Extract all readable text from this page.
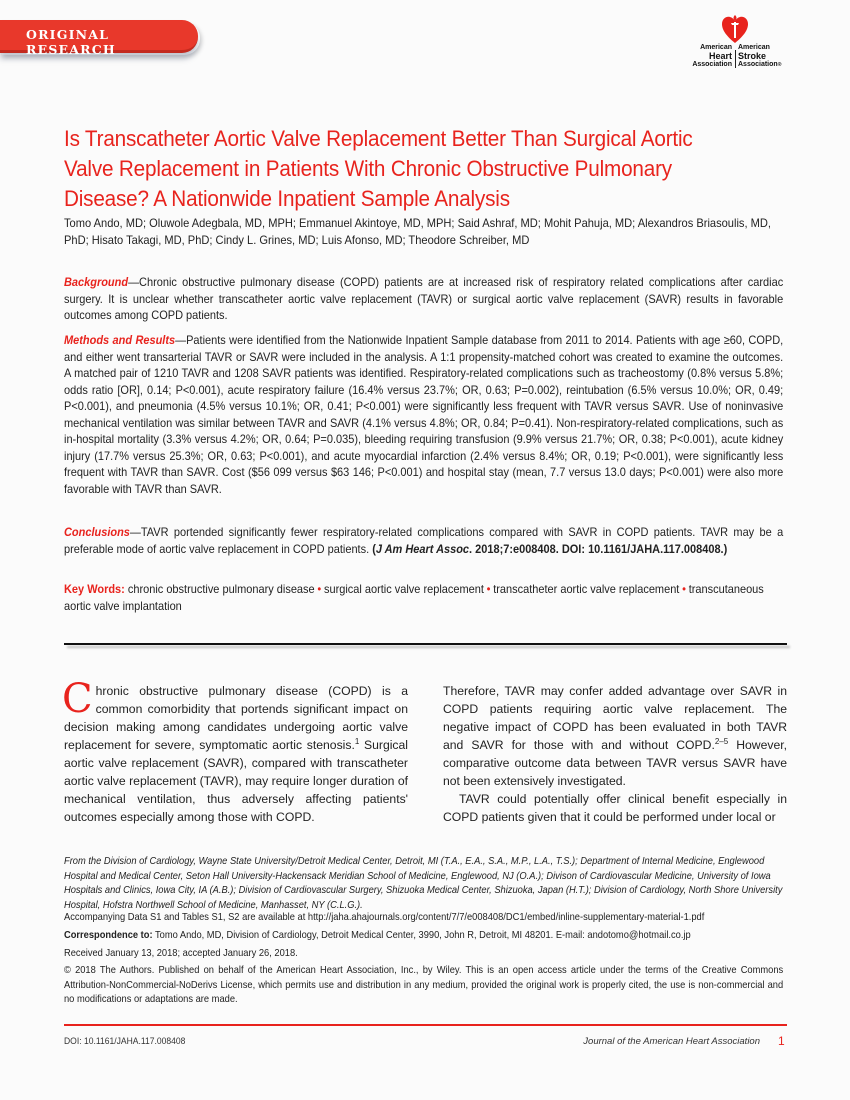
ORIGINAL RESEARCH	American
Heart
Association
American
Stroke
Association®
Is Transcatheter Aortic Valve Replacement Better Than Surgical Aortic Valve Replacement in Patients With Chronic Obstructive Pulmonary Disease? A Nationwide Inpatient Sample Analysis
Tomo Ando, MD; Oluwole Adegbala, MD, MPH; Emmanuel Akintoye, MD, MPH; Said Ashraf, MD; Mohit Pahuja, MD; Alexandros Briasoulis, MD, PhD; Hisato Takagi, MD, PhD; Cindy L. Grines, MD; Luis Afonso, MD; Theodore Schreiber, MD
Background—Chronic obstructive pulmonary disease (COPD) patients are at increased risk of respiratory related complications after cardiac surgery. It is unclear whether transcatheter aortic valve replacement (TAVR) or surgical aortic valve replacement (SAVR) results in favorable outcomes among COPD patients.
Methods and Results—Patients were identified from the Nationwide Inpatient Sample database from 2011 to 2014. Patients with age ≥60, COPD, and either went transarterial TAVR or SAVR were included in the analysis. A 1:1 propensity-matched cohort was created to examine the outcomes. A matched pair of 1210 TAVR and 1208 SAVR patients was identified. Respiratory-related complications such as tracheostomy (0.8% versus 5.8%; odds ratio [OR], 0.14; P<0.001), acute respiratory failure (16.4% versus 23.7%; OR, 0.63; P=0.002), reintubation (6.5% versus 10.0%; OR, 0.49; P<0.001), and pneumonia (4.5% versus 10.1%; OR, 0.41; P<0.001) were significantly less frequent with TAVR versus SAVR. Use of noninvasive mechanical ventilation was similar between TAVR and SAVR (4.1% versus 4.8%; OR, 0.84; P=0.41). Non-respiratory-related complications, such as in-hospital mortality (3.3% versus 4.2%; OR, 0.64; P=0.035), bleeding requiring transfusion (9.9% versus 21.7%; OR, 0.38; P<0.001), acute kidney injury (17.7% versus 25.3%; OR, 0.63; P<0.001), and acute myocardial infarction (2.4% versus 8.4%; OR, 0.19; P<0.001), were significantly less frequent with TAVR than SAVR. Cost ($56 099 versus $63 146; P<0.001) and hospital stay (mean, 7.7 versus 13.0 days; P<0.001) were also more favorable with TAVR than SAVR.
Conclusions—TAVR portended significantly fewer respiratory-related complications compared with SAVR in COPD patients. TAVR may be a preferable mode of aortic valve replacement in COPD patients. (J Am Heart Assoc. 2018;7:e008408. DOI: 10.1161/JAHA.117.008408.)
Key Words: chronic obstructive pulmonary disease • surgical aortic valve replacement • transcatheter aortic valve replacement • transcutaneous aortic valve implantation
Chronic obstructive pulmonary disease (COPD) is a common comorbidity that portends significant impact on decision making among candidates undergoing aortic valve replacement for severe, symptomatic aortic stenosis.$^1$ Surgical aortic valve replacement (SAVR), compared with transcatheter aortic valve replacement (TAVR), may require longer duration of mechanical ventilation, thus adversely affecting patients' outcomes especially among those with COPD.
Therefore, TAVR may confer added advantage over SAVR in COPD patients requiring aortic valve replacement. The negative impact of COPD has been evaluated in both TAVR and SAVR for those with and without COPD.$^{2-5}$ However, comparative outcome data between TAVR versus SAVR have not been extensively investigated.
TAVR could potentially offer clinical benefit especially in COPD patients given that it could be performed under local or
From the Division of Cardiology, Wayne State University/Detroit Medical Center, Detroit, MI (T.A., E.A., S.A., M.P., L.A., T.S.); Department of Internal Medicine, Englewood Hospital and Medical Center, Seton Hall University-Hackensack Meridian School of Medicine, Englewood, NJ (O.A.); Divison of Cardiovascular Medicine, University of Iowa Hospitals and Clinics, Iowa City, IA (A.B.); Division of Cardiovascular Surgery, Shizuoka Medical Center, Shizuoka, Japan (H.T.); Division of Cardiology, North Shore University Hospital, Hofstra Northwell School of Medicine, Manhasset, NY (C.L.G.).
Accompanying Data S1 and Tables S1, S2 are available at http://jaha.ahajournals.org/content/7/7/e008408/DC1/embed/inline-supplementary-material-1.pdf
Correspondence to: Tomo Ando, MD, Division of Cardiology, Detroit Medical Center, 3990, John R, Detroit, MI 48201. E-mail: andotomo@hotmail.co.jp
Received January 13, 2018; accepted January 26, 2018.
© 2018 The Authors. Published on behalf of the American Heart Association, Inc., by Wiley. This is an open access article under the terms of the Creative Commons Attribution-NonCommercial-NoDerivs License, which permits use and distribution in any medium, provided the original work is properly cited, the use is non-commercial and no modifications or adaptations are made.
DOI: 10.1161/JAHA.117.008408	Journal of the American Heart Association 1
